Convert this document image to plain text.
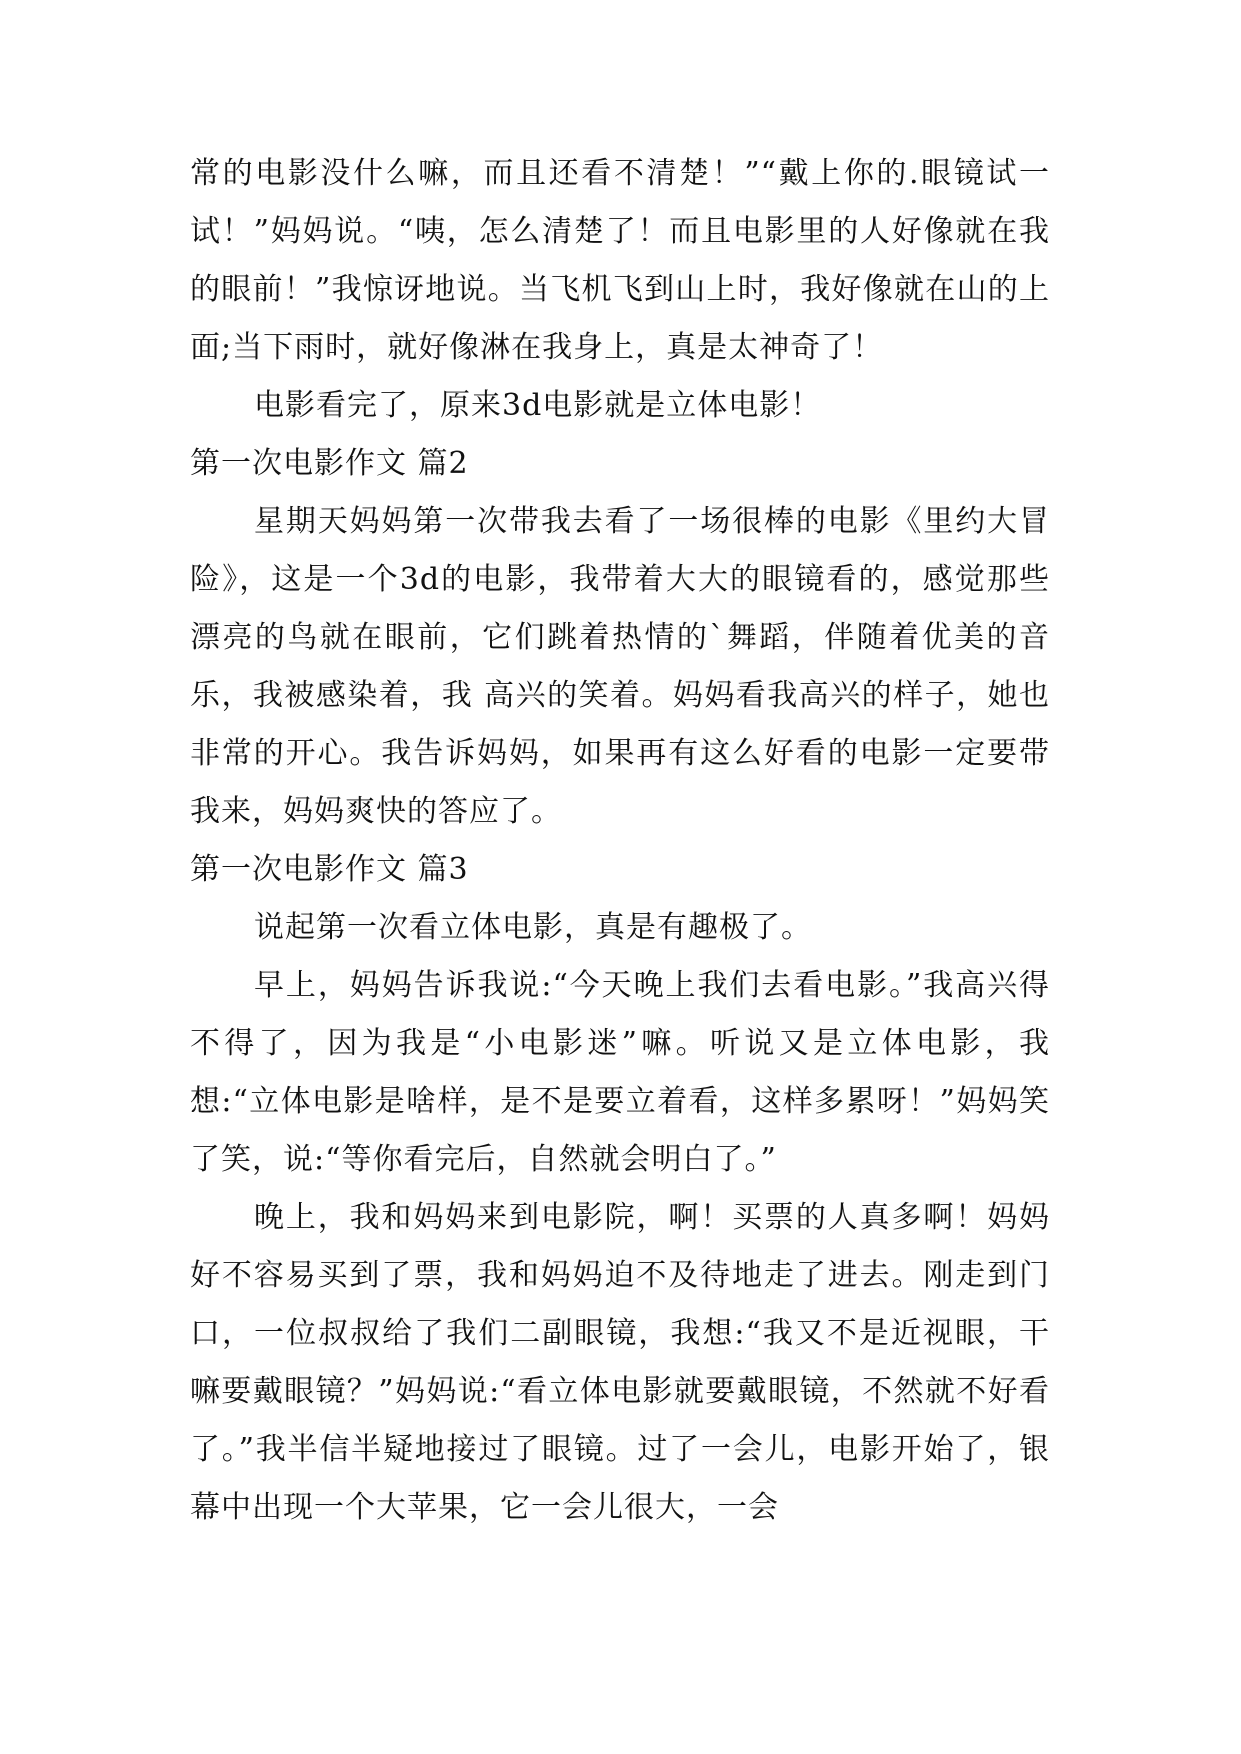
常的电影没什么嘛，而且还看不清楚！”“戴上你的.眼镜试一试！”妈妈说。“咦，怎么清楚了！而且电影里的人好像就在我的眼前！”我惊讶地说。当飞机飞到山上时，我好像就在山的上面;当下雨时，就好像淋在我身上，真是太神奇了！

电影看完了，原来3d电影就是立体电影！

第一次电影作文 篇2

星期天妈妈第一次带我去看了一场很棒的电影《里约大冒险》，这是一个3d的电影，我带着大大的眼镜看的，感觉那些漂亮的鸟就在眼前，它们跳着热情的`舞蹈，伴随着优美的音乐，我被感染着，我 高兴的笑着。妈妈看我高兴的样子，她也非常的开心。我告诉妈妈，如果再有这么好看的电影一定要带我来，妈妈爽快的答应了。

第一次电影作文 篇3

说起第一次看立体电影，真是有趣极了。

早上，妈妈告诉我说:“今天晚上我们去看电影。”我高兴得不得了，因为我是“小电影迷”嘛。听说又是立体电影，我想:“立体电影是啥样，是不是要立着看，这样多累呀！”妈妈笑了笑，说:“等你看完后，自然就会明白了。”

晚上，我和妈妈来到电影院，啊！买票的人真多啊！妈妈好不容易买到了票，我和妈妈迫不及待地走了进去。刚走到门口，一位叔叔给了我们二副眼镜，我想:“我又不是近视眼，干嘛要戴眼镜？”妈妈说:“看立体电影就要戴眼镜，不然就不好看了。”我半信半疑地接过了眼镜。过了一会儿，电影开始了，银幕中出现一个大苹果，它一会儿很大，一会
